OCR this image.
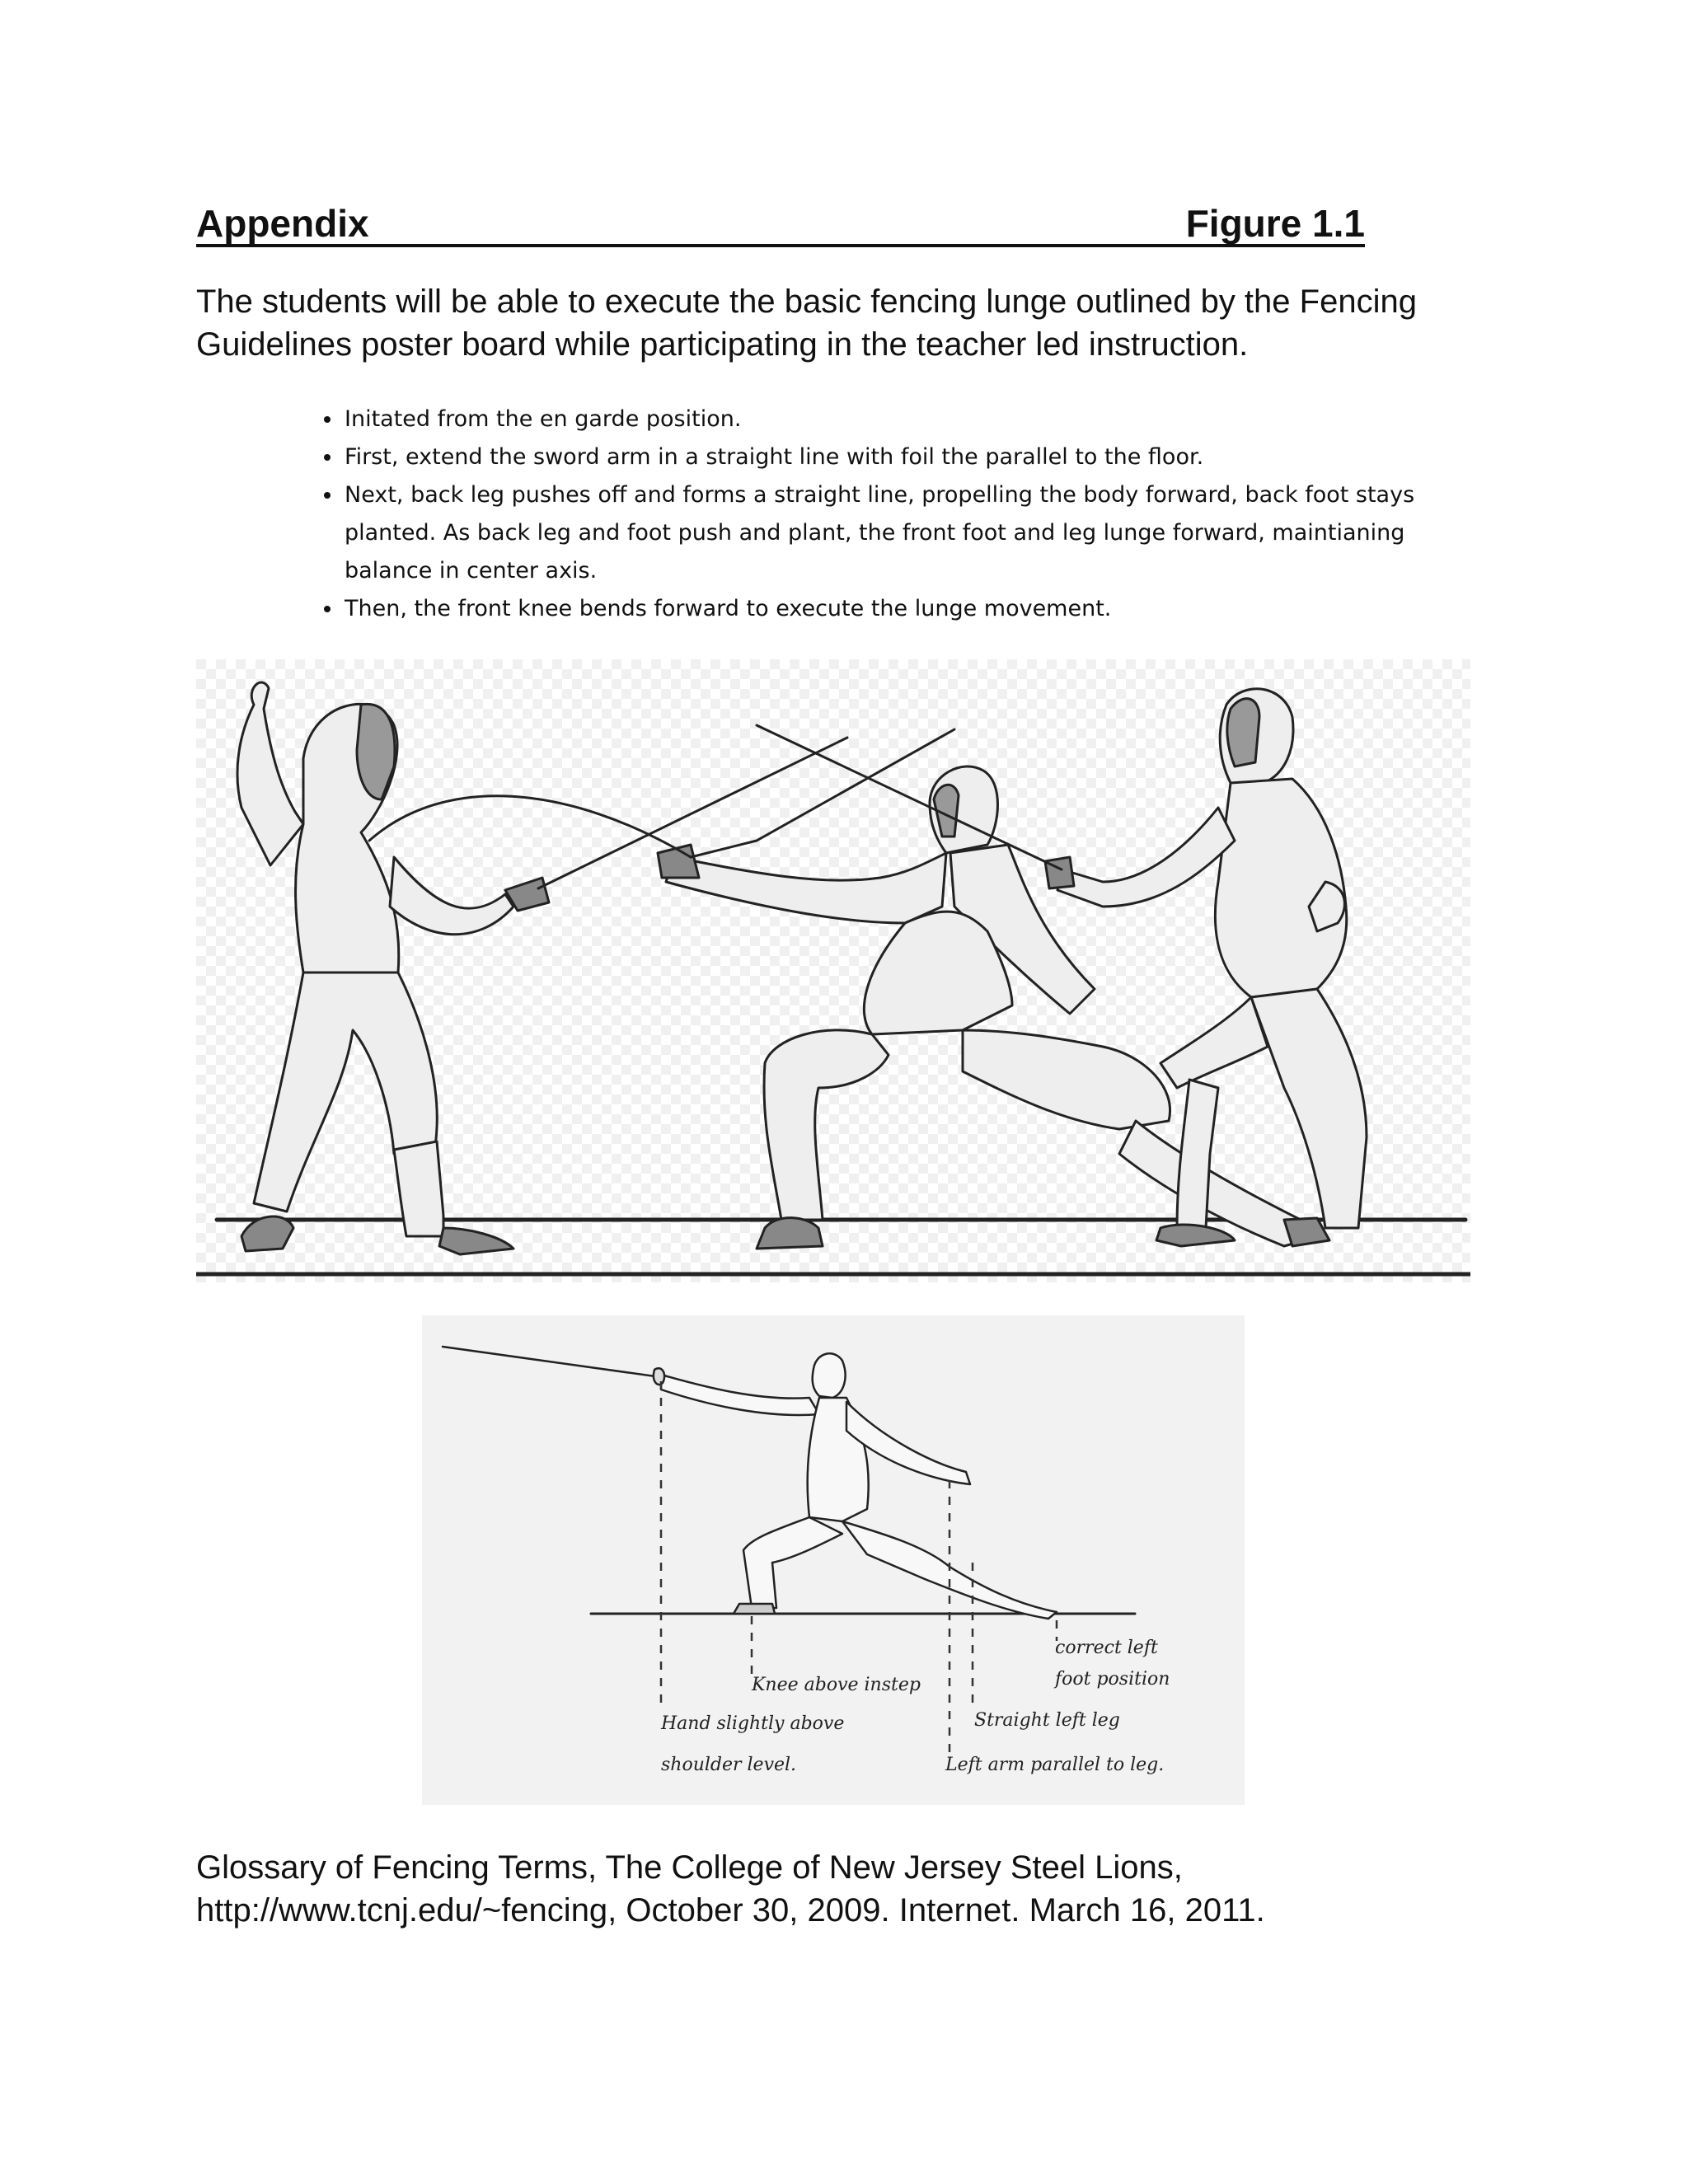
Appendix	Figure 1.1

The students will be able to execute the basic fencing lunge outlined by the Fencing Guidelines poster board while participating in the teacher led instruction.

• Initated from the en garde position.
• First, extend the sword arm in a straight line with foil the parallel to the floor.
• Next, back leg pushes off and forms a straight line, propelling the body forward, back foot stays planted. As back leg and foot push and plant, the front foot and leg lunge forward, maintianing balance in center axis.
• Then, the front knee bends forward to execute the lunge movement.
Knee above instep
Hand slightly above
shoulder level.
Straight left leg
Left arm parallel to leg.
correct left
foot position

Glossary of Fencing Terms, The College of New Jersey Steel Lions,
http://www.tcnj.edu/~fencing, October 30, 2009. Internet. March 16, 2011.
